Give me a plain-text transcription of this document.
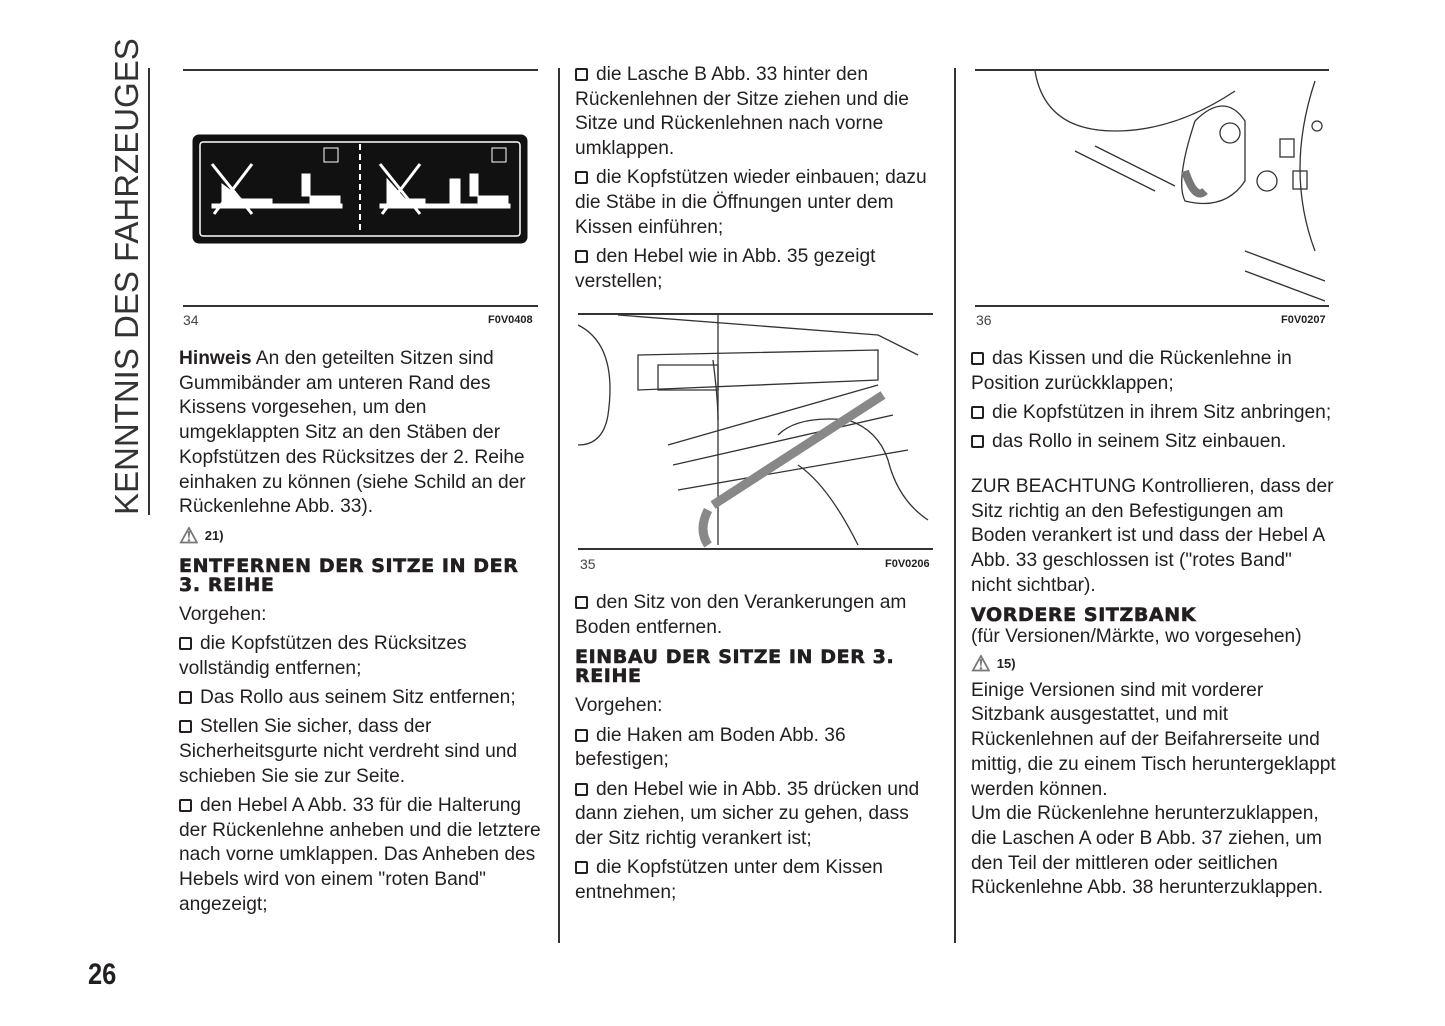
KENNTNIS DES FAHRZEUGES
26
34	F0V0408

Hinweis An den geteilten Sitzen sind Gummibänder am unteren Rand des Kissens vorgesehen, um den umgeklappten Sitz an den Stäben der Kopfstützen des Rücksitzes der 2. Reihe einhaken zu können (siehe Schild an der Rückenlehne Abb. 33).

⚠ 21)
ENTFERNEN DER SITZE IN DER 3. REIHE

Vorgehen:

die Kopfstützen des Rücksitzes vollständig entfernen;

Das Rollo aus seinem Sitz entfernen;

Stellen Sie sicher, dass der Sicherheitsgurte nicht verdreht sind und schieben Sie sie zur Seite.

den Hebel A Abb. 33 für die Halterung der Rückenlehne anheben und die letztere nach vorne umklappen. Das Anheben des Hebels wird von einem "roten Band" angezeigt;

die Lasche B Abb. 33 hinter den Rückenlehnen der Sitze ziehen und die Sitze und Rückenlehnen nach vorne umklappen.

die Kopfstützen wieder einbauen; dazu die Stäbe in die Öffnungen unter dem Kissen einführen;

den Hebel wie in Abb. 35 gezeigt verstellen;

35	F0V0206

den Sitz von den Verankerungen am Boden entfernen.

EINBAU DER SITZE IN DER 3. REIHE

Vorgehen:

die Haken am Boden Abb. 36 befestigen;

den Hebel wie in Abb. 35 drücken und dann ziehen, um sicher zu gehen, dass der Sitz richtig verankert ist;

die Kopfstützen unter dem Kissen entnehmen;

36	F0V0207

das Kissen und die Rückenlehne in Position zurückklappen;

die Kopfstützen in ihrem Sitz anbringen;

das Rollo in seinem Sitz einbauen.

ZUR BEACHTUNG Kontrollieren, dass der Sitz richtig an den Befestigungen am Boden verankert ist und dass der Hebel A Abb. 33 geschlossen ist ("rotes Band" nicht sichtbar).

VORDERE SITZBANK

(für Versionen/Märkte, wo vorgesehen)

⚠ 15)

Einige Versionen sind mit vorderer Sitzbank ausgestattet, und mit Rückenlehnen auf der Beifahrerseite und mittig, die zu einem Tisch heruntergeklappt werden können.

Um die Rückenlehne herunterzuklappen, die Laschen A oder B Abb. 37 ziehen, um den Teil der mittleren oder seitlichen Rückenlehne Abb. 38 herunterzuklappen.
